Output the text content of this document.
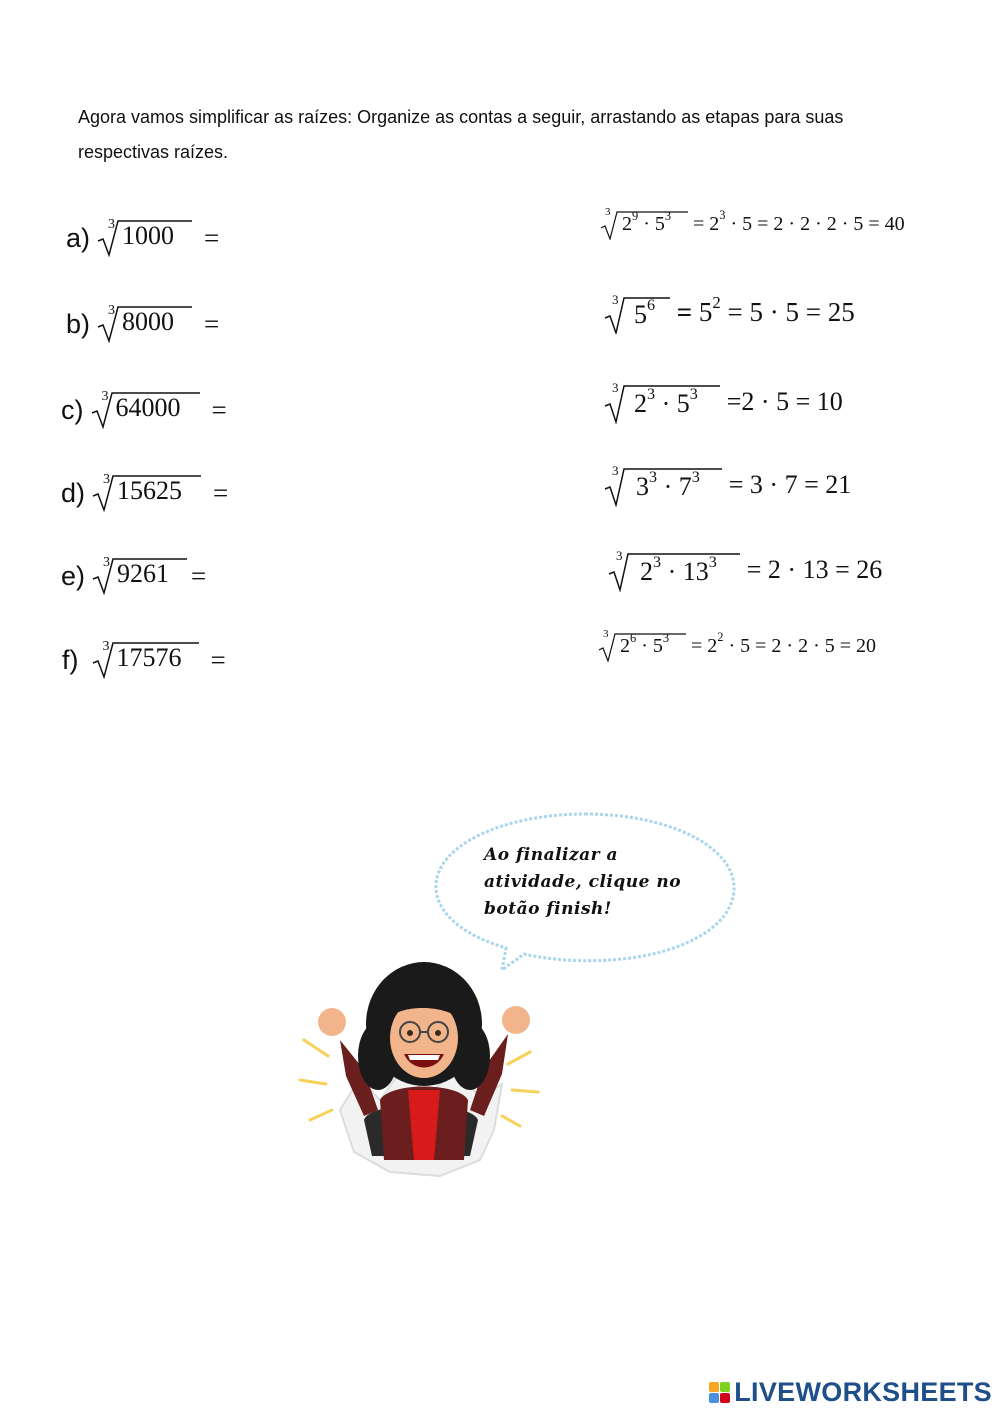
Agora vamos simplificar as raízes: Organize as contas a seguir, arrastando as etapas para suas
respectivas raízes.
a) 3 1000 =
b) 3 8000 =
c) 3 64000 =
d) 3 15625 =
e) 3 9261 =
f) 3 17576 =
3
$2^9 \cdot 5^3 = 2^3 \cdot 5 = 2 \cdot 2 \cdot 2 \cdot 5 = 40$
3
$5^6 = 5^2 = 5 \cdot 5 = 25$
3
$2^3 \cdot 5^3 =2 \cdot 5 = 10$
3
$3^3 \cdot 7^3 = 3 \cdot 7 = 21$
3
$2^3 \cdot 13^3 = 2 \cdot 13 = 26$
3
$2^6 \cdot 5^3 = 2^2 \cdot 5 = 2 \cdot 2 \cdot 5 = 20$
Ao finalizar a
atividade, clique no
botão finish!
LIVEWORKSHEETS
